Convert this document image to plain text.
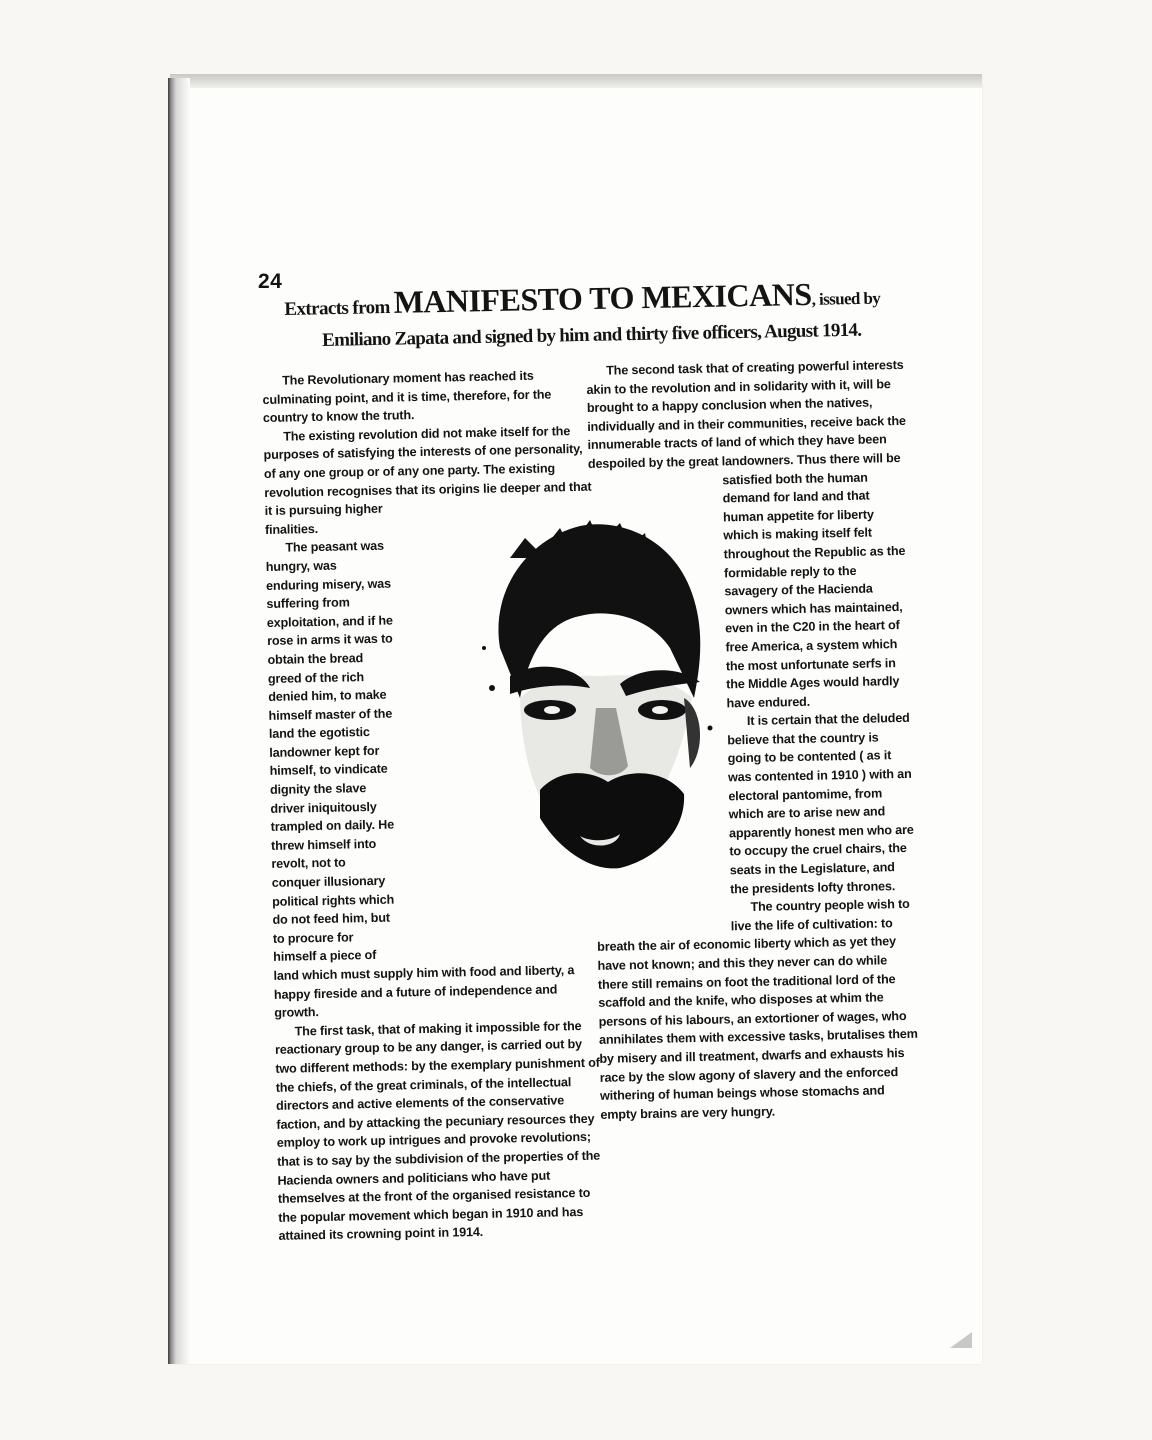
24
Extracts from MANIFESTO TO MEXICANS, issued by
Emiliano Zapata and signed by him and thirty five officers, August 1914.

The Revolutionary moment has reached its culminating point, and it is time, therefore, for the country to know the truth.

The existing revolution did not make itself for the purposes of satisfying the interests of one personality, of any one group or of any one party. The existing revolution recognises that its origins lie deeper and that it is pursuing higher finalities.

The peasant was hungry, was enduring misery, was suffering from exploitation, and if he rose in arms it was to obtain the bread greed of the rich denied him, to make himself master of the land the egotistic landowner kept for himself, to vindicate dignity the slave driver iniquitously trampled on daily. He threw himself into revolt, not to conquer illusionary political rights which do not feed him, but to procure for himself a piece of land which must supply him with food and liberty, a happy fireside and a future of independence and growth.

The first task, that of making it impossible for the reactionary group to be any danger, is carried out by two different methods: by the exemplary punishment of the chiefs, of the great criminals, of the intellectual directors and active elements of the conservative faction, and by attacking the pecuniary resources they employ to work up intrigues and provoke revolutions; that is to say by the subdivision of the properties of the Hacienda owners and politicians who have put themselves at the front of the organised resistance to the popular movement which began in 1910 and has attained its crowning point in 1914.

The second task that of creating powerful interests akin to the revolution and in solidarity with it, will be brought to a happy conclusion when the natives, individually and in their communities, receive back the innumerable tracts of land of which they have been despoiled by the great landowners. Thus there will be satisfied both the human demand for land and that human appetite for liberty which is making itself felt throughout the Republic as the formidable reply to the savagery of the Hacienda owners which has maintained, even in the C20 in the heart of free America, a system which the most unfortunate serfs in the Middle Ages would hardly have endured.

It is certain that the deluded believe that the country is going to be contented ( as it was contented in 1910 ) with an electoral pantomime, from which are to arise new and apparently honest men who are to occupy the cruel chairs, the seats in the Legislature, and the presidents lofty thrones.

The country people wish to live the life of cultivation: to breath the air of economic liberty which as yet they have not known; and this they never can do while there still remains on foot the traditional lord of the scaffold and the knife, who disposes at whim the persons of his labours, an extortioner of wages, who annihilates them with excessive tasks, brutalises them by misery and ill treatment, dwarfs and exhausts his race by the slow agony of slavery and the enforced withering of human beings whose stomachs and empty brains are very hungry.
